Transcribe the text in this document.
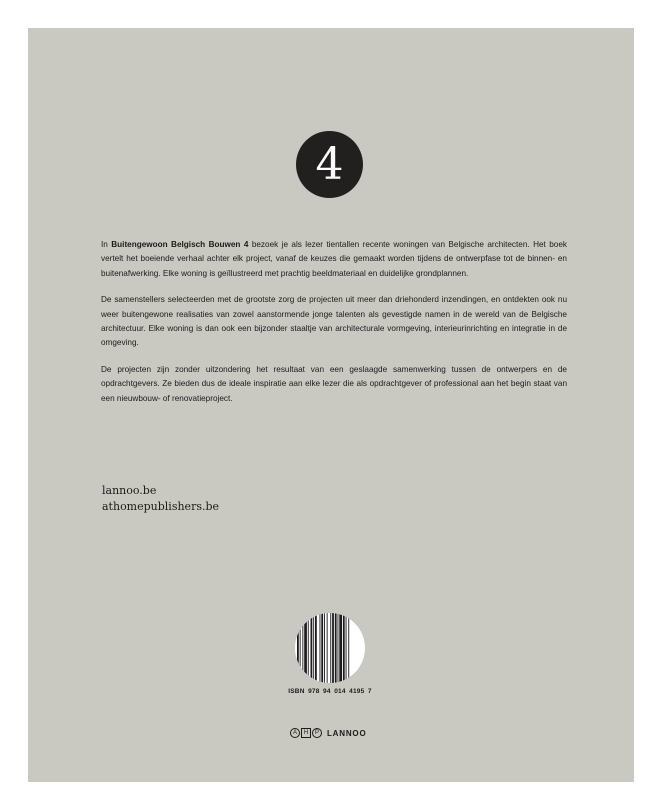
4

In Buitengewoon Belgisch Bouwen 4 bezoek je als lezer tientallen recente woningen van Belgische architecten. Het boek vertelt het boeiende verhaal achter elk project, vanaf de keuzes die gemaakt worden tijdens de ontwerpfase tot de binnen- en buitenafwerking. Elke woning is geïllustreerd met prachtig beeldmateriaal en duidelijke grondplannen.

De samenstellers selecteerden met de grootste zorg de projecten uit meer dan driehonderd inzendingen, en ontdekten ook nu weer buitengewone realisaties van zowel aanstormende jonge talenten als gevestigde namen in de wereld van de Belgische architectuur. Elke woning is dan ook een bijzonder staaltje van architecturale vormgeving, interieurinrichting en integratie in de omgeving.

De projecten zijn zonder uitzondering het resultaat van een geslaagde samenwerking tussen de ontwerpers en de opdrachtgevers. Ze bieden dus de ideale inspiratie aan elke lezer die als opdrachtgever of professional aan het begin staat van een nieuwbouw- of renovatieproject.

lannoo.be
athomepublishers.be
ISBN 978 94 014 4195 7
A	H	P	LANNOO
